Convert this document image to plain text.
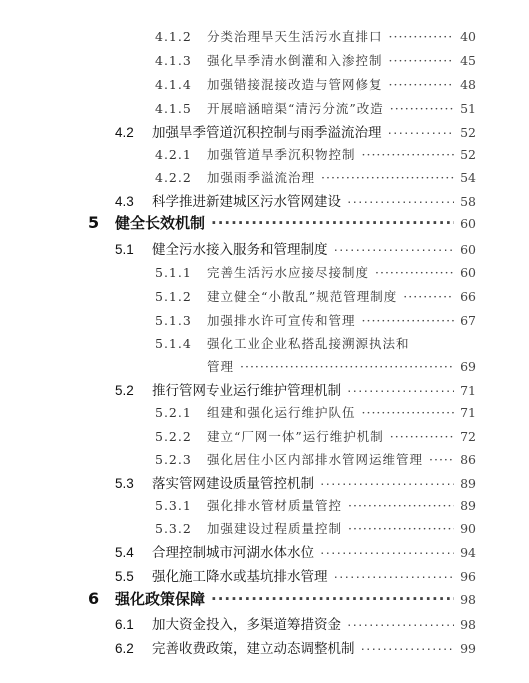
4.1.2	分类治理旱天生活污水直排口 ·····	40
4.1.3	强化旱季清水倒灌和入渗控制 ·····	45
4.1.4	加强错接混接改造与管网修复 ·····	48
4.1.5	开展暗涵暗渠“清污分流”改造 ·····	51
4.2	加强旱季管道沉积控制与雨季溢流治理 ·····	52
4.2.1	加强管道旱季沉积物控制 ·····	52
4.2.2	加强雨季溢流治理 ·····	54
4.3	科学推进新建城区污水管网建设 ·····	58
5	健全长效机制 ·····	60
5.1	健全污水接入服务和管理制度 ·····	60
5.1.1	完善生活污水应接尽接制度 ·····	60
5.1.2	建立健全“小散乱”规范管理制度 ·····	66
5.1.3	加强排水许可宣传和管理 ·····	67
5.1.4	强化工业企业私搭乱接溯源执法和
管理 ·····	69
5.2	推行管网专业运行维护管理机制 ·····	71
5.2.1	组建和强化运行维护队伍 ·····	71
5.2.2	建立“厂网一体”运行维护机制 ·····	72
5.2.3	强化居住小区内部排水管网运维管理 ·····	86
5.3	落实管网建设质量管控机制 ·····	89
5.3.1	强化排水管材质量管控 ·····	89
5.3.2	加强建设过程质量控制 ·····	90
5.4	合理控制城市河湖水体水位 ·····	94
5.5	强化施工降水或基坑排水管理 ·····	96
6	强化政策保障 ·····	98
6.1	加大资金投入，多渠道筹措资金 ·····	98
6.2	完善收费政策，建立动态调整机制 ·····	99
